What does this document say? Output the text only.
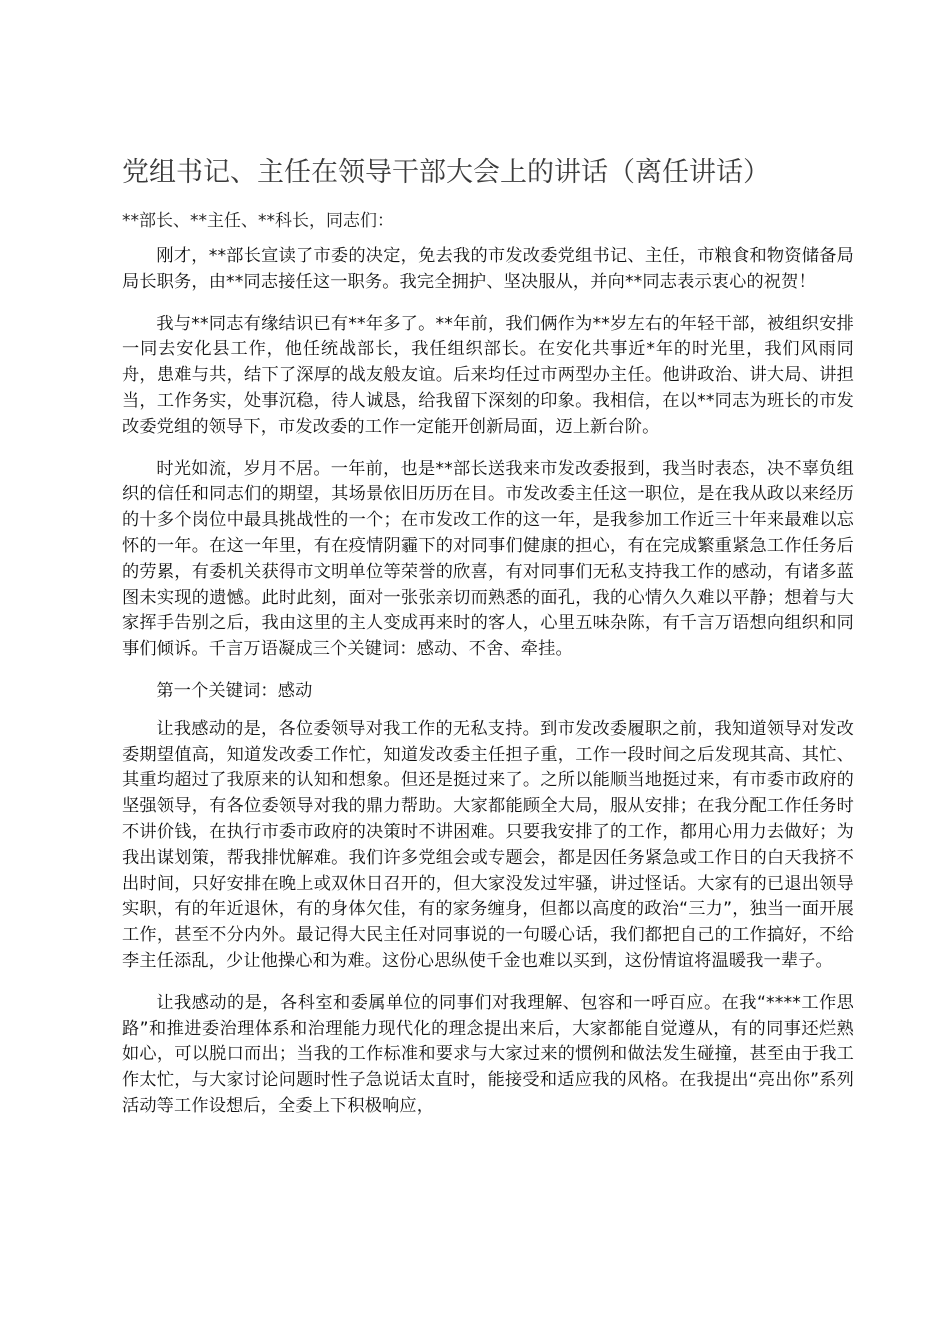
党组书记、主任在领导干部大会上的讲话（离任讲话）

**部长、**主任、**科长，同志们：

刚才，**部长宣读了市委的决定，免去我的市发改委党组书记、主任，市粮食和物资储备局局长职务，由**同志接任这一职务。我完全拥护、坚决服从，并向**同志表示衷心的祝贺！

我与**同志有缘结识已有**年多了。**年前，我们俩作为**岁左右的年轻干部，被组织安排一同去安化县工作，他任统战部长，我任组织部长。在安化共事近*年的时光里，我们风雨同舟，患难与共，结下了深厚的战友般友谊。后来均任过市两型办主任。他讲政治、讲大局、讲担当，工作务实，处事沉稳，待人诚恳，给我留下深刻的印象。我相信，在以**同志为班长的市发改委党组的领导下，市发改委的工作一定能开创新局面，迈上新台阶。

时光如流，岁月不居。一年前，也是**部长送我来市发改委报到，我当时表态，决不辜负组织的信任和同志们的期望，其场景依旧历历在目。市发改委主任这一职位，是在我从政以来经历的十多个岗位中最具挑战性的一个；在市发改工作的这一年，是我参加工作近三十年来最难以忘怀的一年。在这一年里，有在疫情阴霾下的对同事们健康的担心，有在完成繁重紧急工作任务后的劳累，有委机关获得市文明单位等荣誉的欣喜，有对同事们无私支持我工作的感动，有诸多蓝图未实现的遗憾。此时此刻，面对一张张亲切而熟悉的面孔，我的心情久久难以平静；想着与大家挥手告别之后，我由这里的主人变成再来时的客人，心里五味杂陈，有千言万语想向组织和同事们倾诉。千言万语凝成三个关键词：感动、不舍、牵挂。

第一个关键词：感动

让我感动的是，各位委领导对我工作的无私支持。到市发改委履职之前，我知道领导对发改委期望值高，知道发改委工作忙，知道发改委主任担子重，工作一段时间之后发现其高、其忙、其重均超过了我原来的认知和想象。但还是挺过来了。之所以能顺当地挺过来，有市委市政府的坚强领导，有各位委领导对我的鼎力帮助。大家都能顾全大局，服从安排；在我分配工作任务时不讲价钱，在执行市委市政府的决策时不讲困难。只要我安排了的工作，都用心用力去做好；为我出谋划策，帮我排忧解难。我们许多党组会或专题会，都是因任务紧急或工作日的白天我挤不出时间，只好安排在晚上或双休日召开的，但大家没发过牢骚，讲过怪话。大家有的已退出领导实职，有的年近退休，有的身体欠佳，有的家务缠身，但都以高度的政治“三力”，独当一面开展工作，甚至不分内外。最记得大民主任对同事说的一句暖心话，我们都把自己的工作搞好，不给李主任添乱，少让他操心和为难。这份心思纵使千金也难以买到，这份情谊将温暖我一辈子。

让我感动的是，各科室和委属单位的同事们对我理解、包容和一呼百应。在我“****工作思路”和推进委治理体系和治理能力现代化的理念提出来后，大家都能自觉遵从，有的同事还烂熟如心，可以脱口而出；当我的工作标准和要求与大家过来的惯例和做法发生碰撞，甚至由于我工作太忙，与大家讨论问题时性子急说话太直时，能接受和适应我的风格。在我提出“亮出你”系列活动等工作设想后，全委上下积极响应，
